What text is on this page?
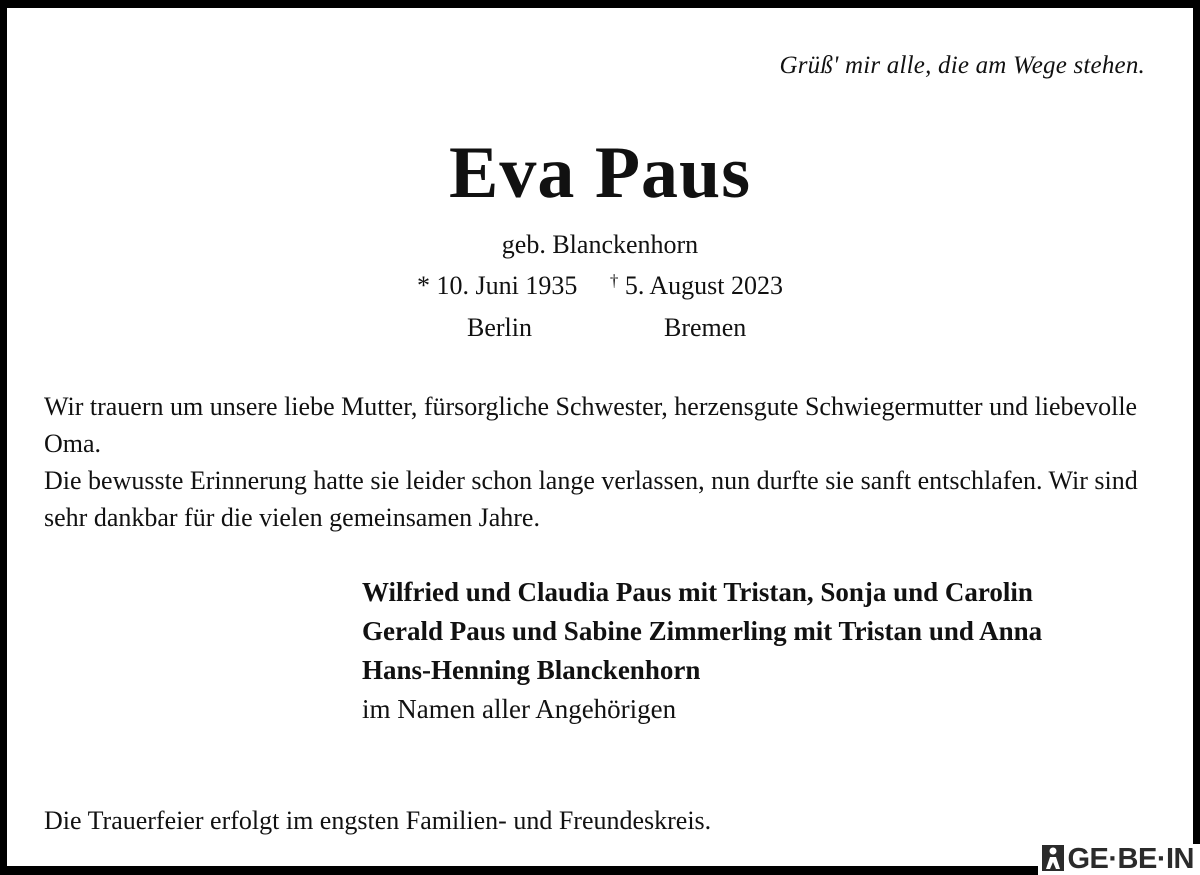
Grüß' mir alle, die am Wege stehen.
Eva Paus
geb. Blanckenhorn
* 10. Juni 1935 † 5. August 2023
Berlin	Bremen

Wir trauern um unsere liebe Mutter, fürsorgliche Schwester, herzensgute Schwiegermutter und liebevolle Oma.

Die bewusste Erinnerung hatte sie leider schon lange verlassen, nun durfte sie sanft entschlafen. Wir sind sehr dankbar für die vielen gemeinsamen Jahre.

Wilfried und Claudia Paus mit Tristan, Sonja und Carolin
Gerald Paus und Sabine Zimmerling mit Tristan und Anna
Hans-Henning Blanckenhorn
im Namen aller Angehörigen
Die Trauerfeier erfolgt im engsten Familien- und Freundeskreis.
GE·BE·IN
